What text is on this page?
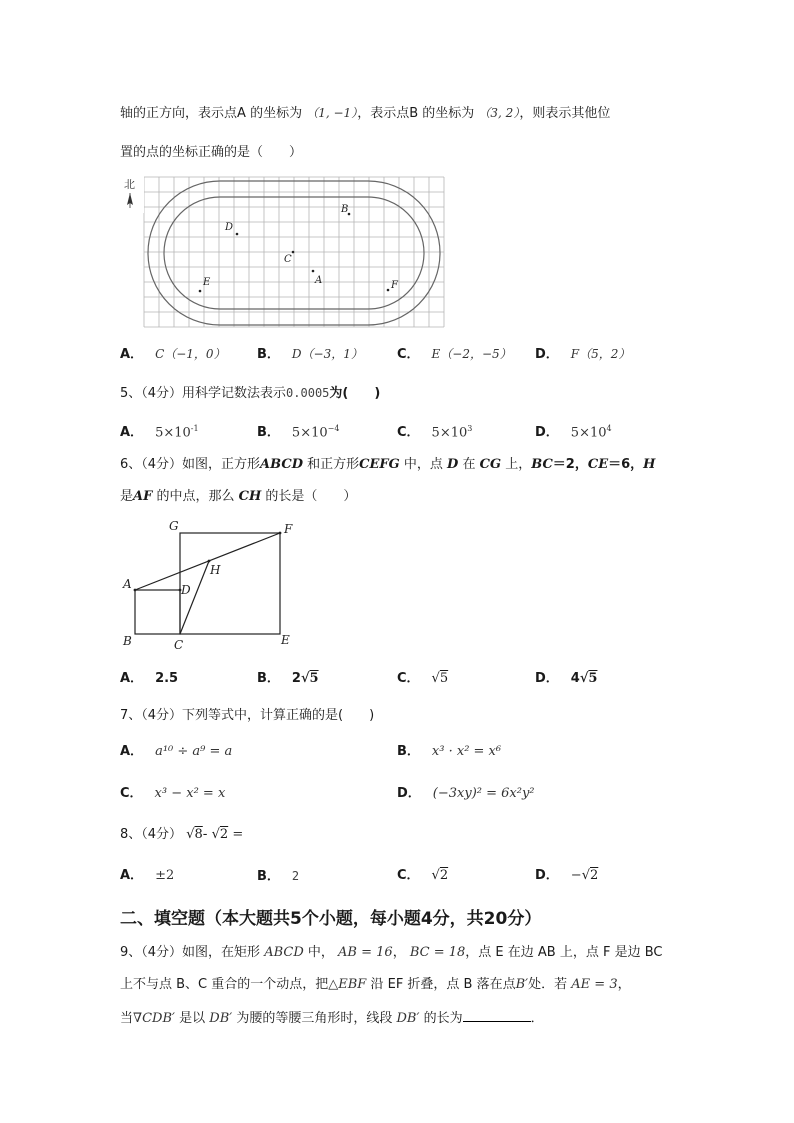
轴的正方向，表示点A 的坐标为 （1, −1），表示点B 的坐标为 （3, 2），则表示其他位
置的点的坐标正确的是（　　）
北
B
D
C
A
E	F
A． C（−1，0） B． D（−3，1）	C． E（−2，−5） D． F（5，2）
5、（4分）用科学记数法表示0.0005为(　　)
A． $5\times 10^{-1}$	B． $5\times 10^{-4}$	C． $5\times 10^3$	D． $5\times 10^4$
6、（4分）如图，正方形ABCD 和正方形CEFG 中，点 D 在 CG 上，BC＝2，CE＝6，H
是AF 的中点，那么 CH 的长是（　　）
G	F
A	D
H
B	C	E
A． 2.5	B． 2√5	C． √5	D． 4√5
7、（4分）下列等式中，计算正确的是(　　)
A． a¹⁰ ÷ a⁹ = a	B． x³ · x² = x⁶
C． x³ − x² = x	D． (−3xy)² = 6x²y²
8、（4分） √8- √2 =
A． ±2	B． 2	C． √2	D． −√2
二、填空题（本大题共5个小题，每小题4分，共20分）
9、（4分）如图，在矩形 ABCD 中， AB = 16， BC = 18，点 E 在边 AB 上，点 F 是边 BC
上不与点 B、C 重合的一个动点，把△EBF 沿 EF 折叠，点 B 落在点B′处．若 AE = 3，
当∇CDB′ 是以 DB′ 为腰的等腰三角形时，线段 DB′ 的长为	．
